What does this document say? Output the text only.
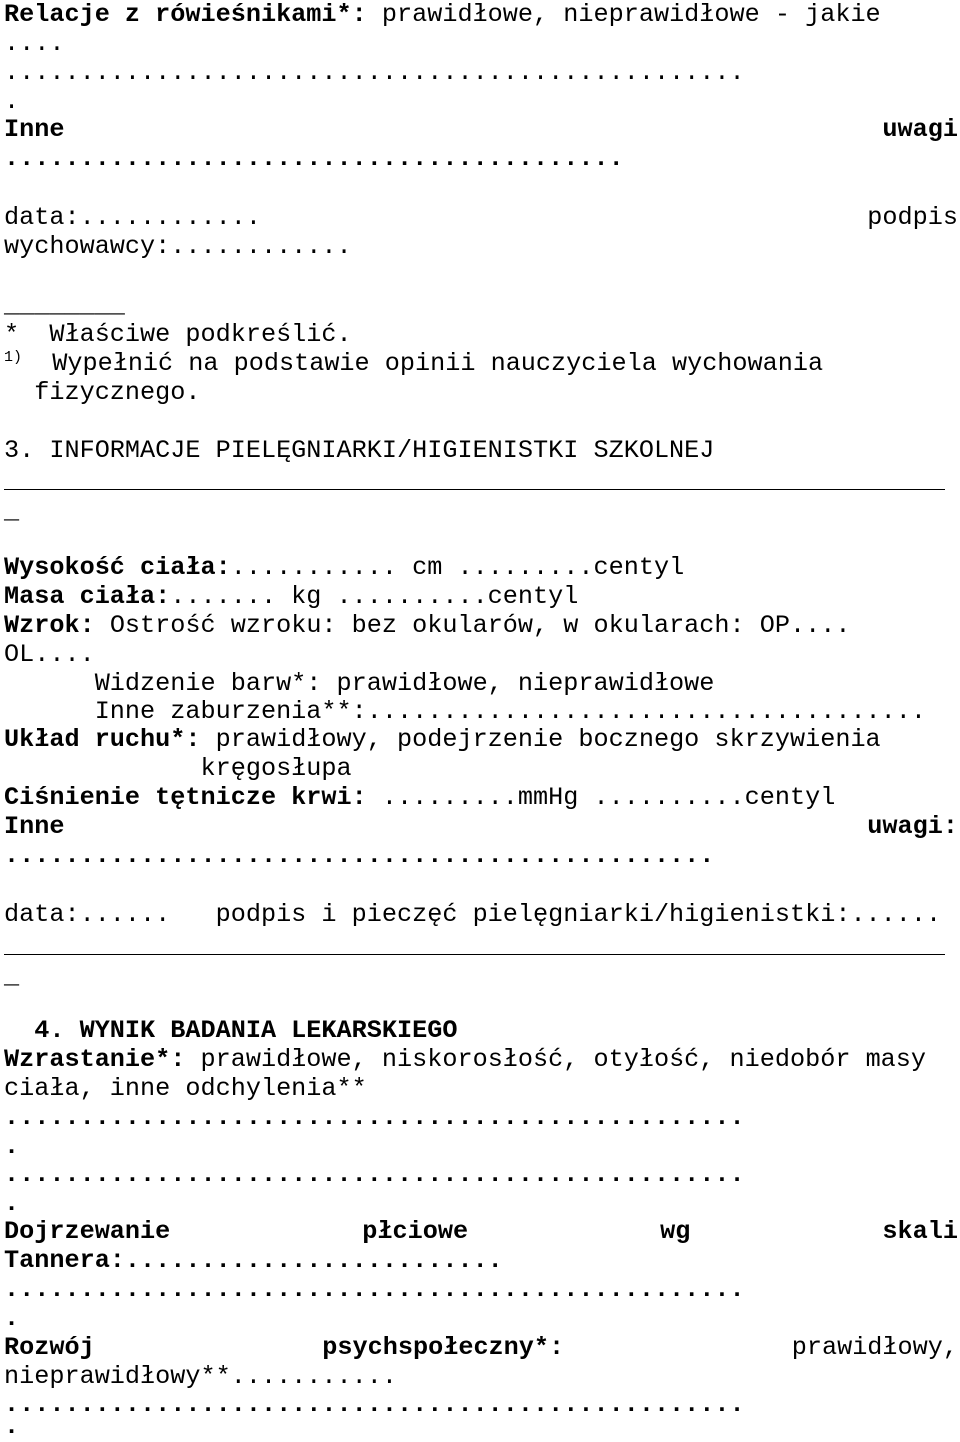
Relacje z rówieśnikami*: prawidłowe, nieprawidłowe - jakie

....

.................................................

.

Inne	uwagi

.........................................

data:............	podpis

wychowawcy:............

________

*  Właściwe podkreślić.

$^{1)}$  Wypełnić na podstawie opinii nauczyciela wychowania

fizycznego.

3. INFORMACJE PIELĘGNIARKI/HIGIENISTKI SZKOLNEJ

_

Wysokość ciała:........... cm .........centyl

Masa ciała:....... kg ..........centyl

Wzrok: Ostrość wzroku: bez okularów, w okularach: OP....

OL....

Widzenie barw*: prawidłowe, nieprawidłowe

Inne zaburzenia**:.....................................

Układ ruchu*: prawidłowy, podejrzenie bocznego skrzywienia

kręgosłupa

Ciśnienie tętnicze krwi: .........mmHg ..........centyl

Inne	uwagi:

...............................................

data:......   podpis i pieczęć pielęgniarki/higienistki:......

_

4. WYNIK BADANIA LEKARSKIEGO

Wzrastanie*: prawidłowe, niskorosłość, otyłość, niedobór masy

ciała, inne odchylenia**

.................................................

.

.................................................

.

Dojrzewanie	płciowe	wg	skali

Tannera:.........................

.................................................

.

Rozwój	psychspołeczny*:	prawidłowy,

nieprawidłowy**...........

.................................................

.
